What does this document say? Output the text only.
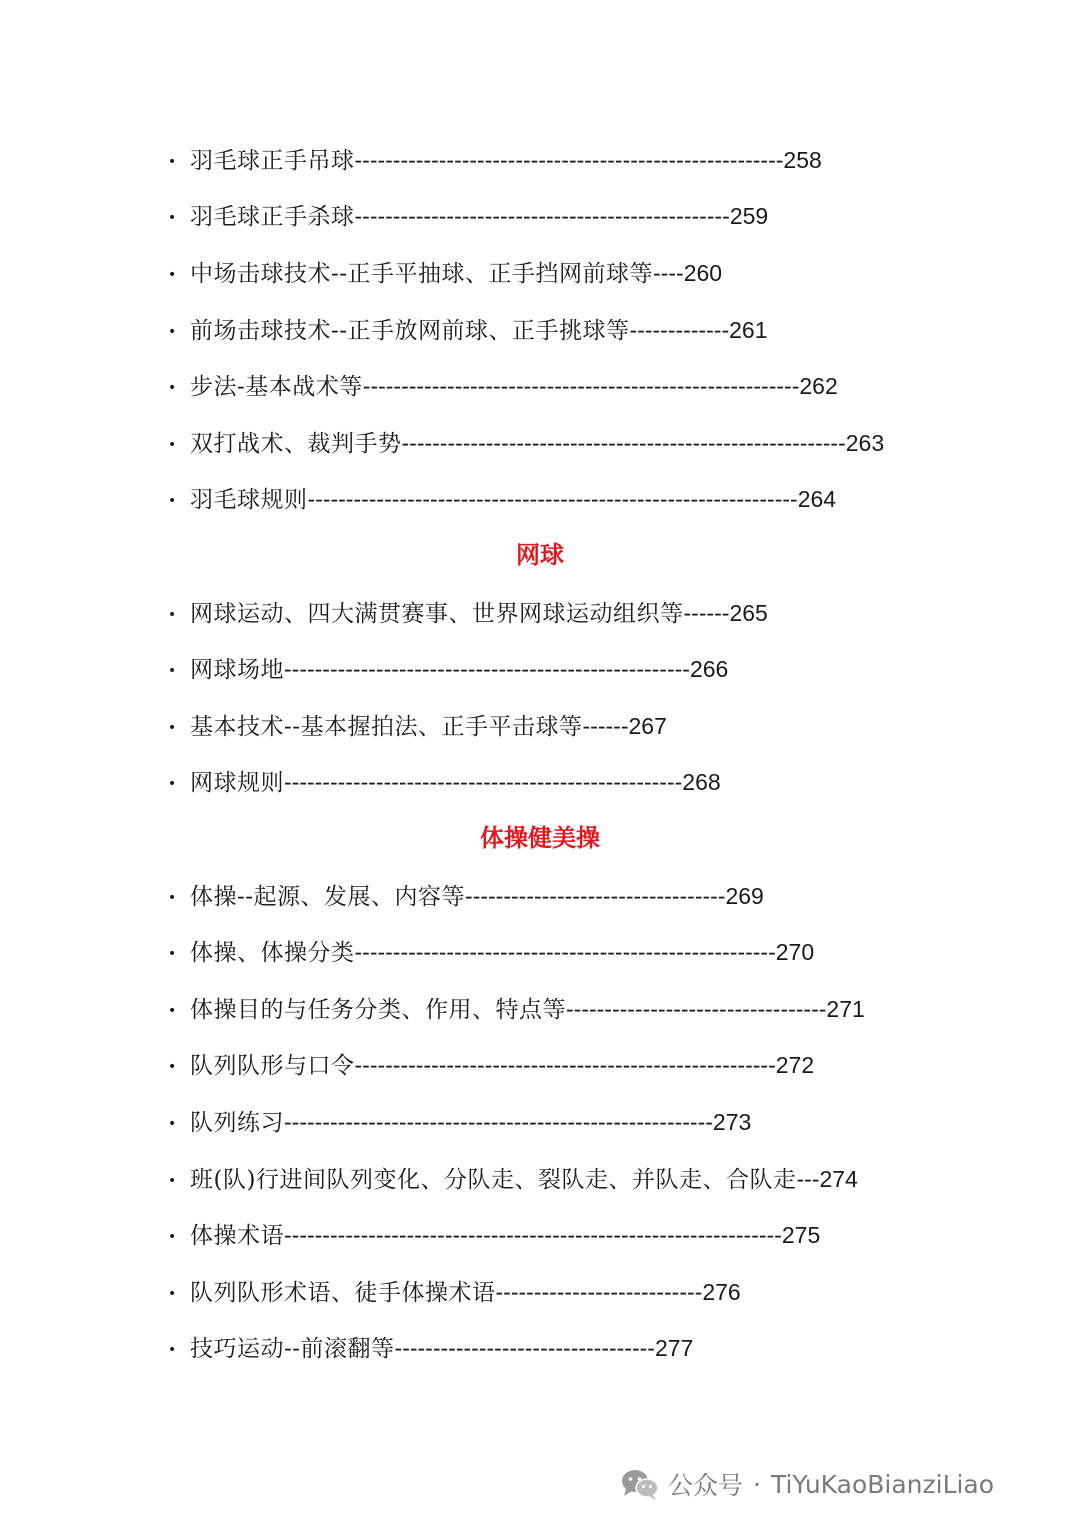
• 羽毛球正手吊球--------------------------------------------------------258
• 羽毛球正手杀球-------------------------------------------------259
• 中场击球技术--正手平抽球、正手挡网前球等----260
• 前场击球技术--正手放网前球、正手挑球等-------------261
• 步法-基本战术等---------------------------------------------------------262
• 双打战术、裁判手势----------------------------------------------------------263
• 羽毛球规则----------------------------------------------------------------264
网球
• 网球运动、四大满贯赛事、世界网球运动组织等------265
• 网球场地-----------------------------------------------------266
• 基本技术--基本握拍法、正手平击球等------267
• 网球规则----------------------------------------------------268
体操健美操
• 体操--起源、发展、内容等----------------------------------269
• 体操、体操分类-------------------------------------------------------270
• 体操目的与任务分类、作用、特点等----------------------------------271
• 队列队形与口令-------------------------------------------------------272
• 队列练习--------------------------------------------------------273
• 班(队)行进间队列变化、分队走、裂队走、并队走、合队走---274
• 体操术语-----------------------------------------------------------------275
• 队列队形术语、徒手体操术语---------------------------276
• 技巧运动--前滚翻等----------------------------------277
公众号 · TiYuKaoBianziLiao
